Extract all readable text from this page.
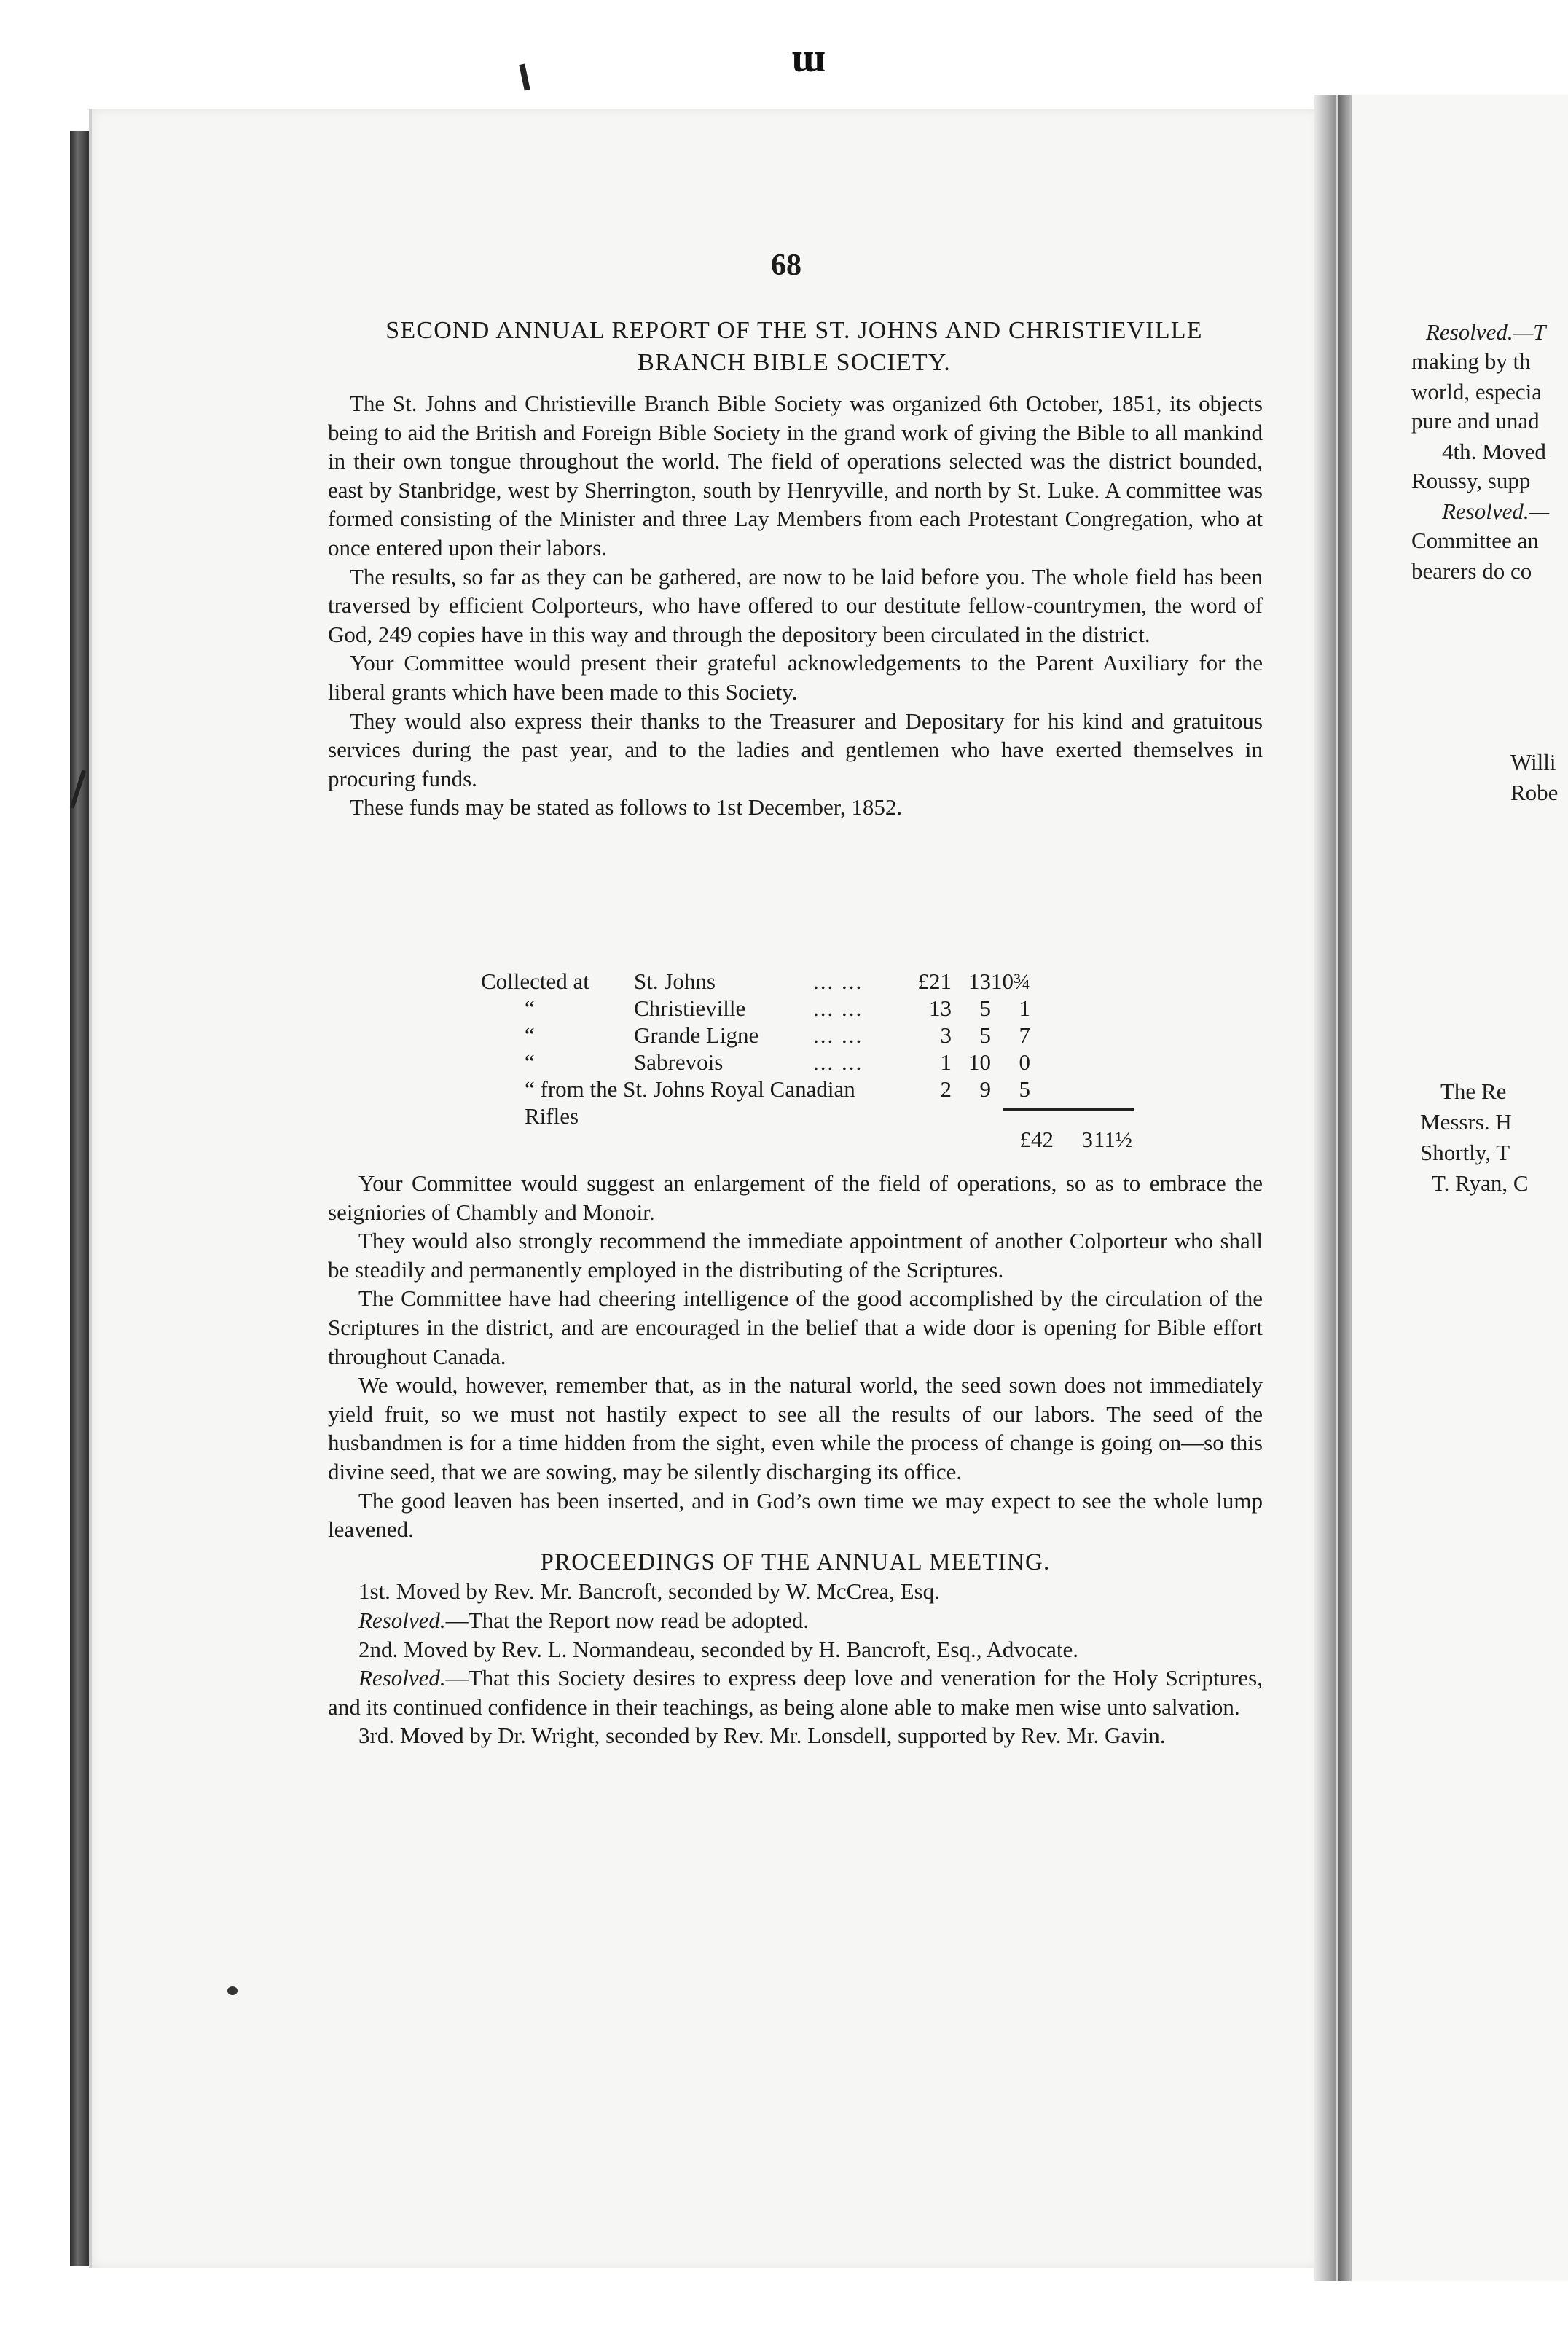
ɯ
Resolved.—T
making by th
world, especia
pure and unad
4th. Moved
Roussy, supp
Resolved.—
Committee an
bearers do co
Willi
Robe
The Re
Messrs. H
Shortly, T
T. Ryan, C
68
SECOND ANNUAL REPORT OF THE ST. JOHNS AND CHRISTIEVILLE
BRANCH BIBLE SOCIETY.

The St. Johns and Christieville Branch Bible Society was organized 6th October, 1851, its objects being to aid the British and Foreign Bible Society in the grand work of giving the Bible to all mankind in their own tongue throughout the world. The field of operations selected was the district bounded, east by Stanbridge, west by Sherrington, south by Henryville, and north by St. Luke. A committee was formed consisting of the Minister and three Lay Members from each Protestant Congregation, who at once entered upon their labors.

The results, so far as they can be gathered, are now to be laid before you. The whole field has been traversed by efficient Colporteurs, who have offered to our destitute fellow-countrymen, the word of God, 249 copies have in this way and through the depository been circulated in the district.

Your Committee would present their grateful acknowledgements to the Parent Auxiliary for the liberal grants which have been made to this Society.

They would also express their thanks to the Treasurer and Depositary for his kind and gratuitous services during the past year, and to the ladies and gentlemen who have exerted themselves in procuring funds.

These funds may be stated as follows to 1st December, 1852.

Collected at	St. Johns	... ...	£21 13 10¾
“	Christieville	... ...	13	5	1
“	Grande Ligne	... ...	3	5	7
“	Sabrevois	... ...	1 10	0
“ from the St. Johns Royal Canadian Rifles
2	9	5
£42	3 11½

Your Committee would suggest an enlargement of the field of operations, so as to embrace the seigniories of Chambly and Monoir.

They would also strongly recommend the immediate appointment of another Colporteur who shall be steadily and permanently employed in the distributing of the Scriptures.

The Committee have had cheering intelligence of the good accomplished by the circulation of the Scriptures in the district, and are encouraged in the belief that a wide door is opening for Bible effort throughout Canada.

We would, however, remember that, as in the natural world, the seed sown does not immediately yield fruit, so we must not hastily expect to see all the results of our labors. The seed of the husbandmen is for a time hidden from the sight, even while the process of change is going on—so this divine seed, that we are sowing, may be silently discharging its office.

The good leaven has been inserted, and in God’s own time we may expect to see the whole lump leavened.

PROCEEDINGS OF THE ANNUAL MEETING.

1st. Moved by Rev. Mr. Bancroft, seconded by W. McCrea, Esq.

Resolved.—That the Report now read be adopted.

2nd. Moved by Rev. L. Normandeau, seconded by H. Bancroft, Esq., Advocate.

Resolved.—That this Society desires to express deep love and veneration for the Holy Scriptures, and its continued confidence in their teachings, as being alone able to make men wise unto salvation.

3rd. Moved by Dr. Wright, seconded by Rev. Mr. Lonsdell, supported by Rev. Mr. Gavin.
